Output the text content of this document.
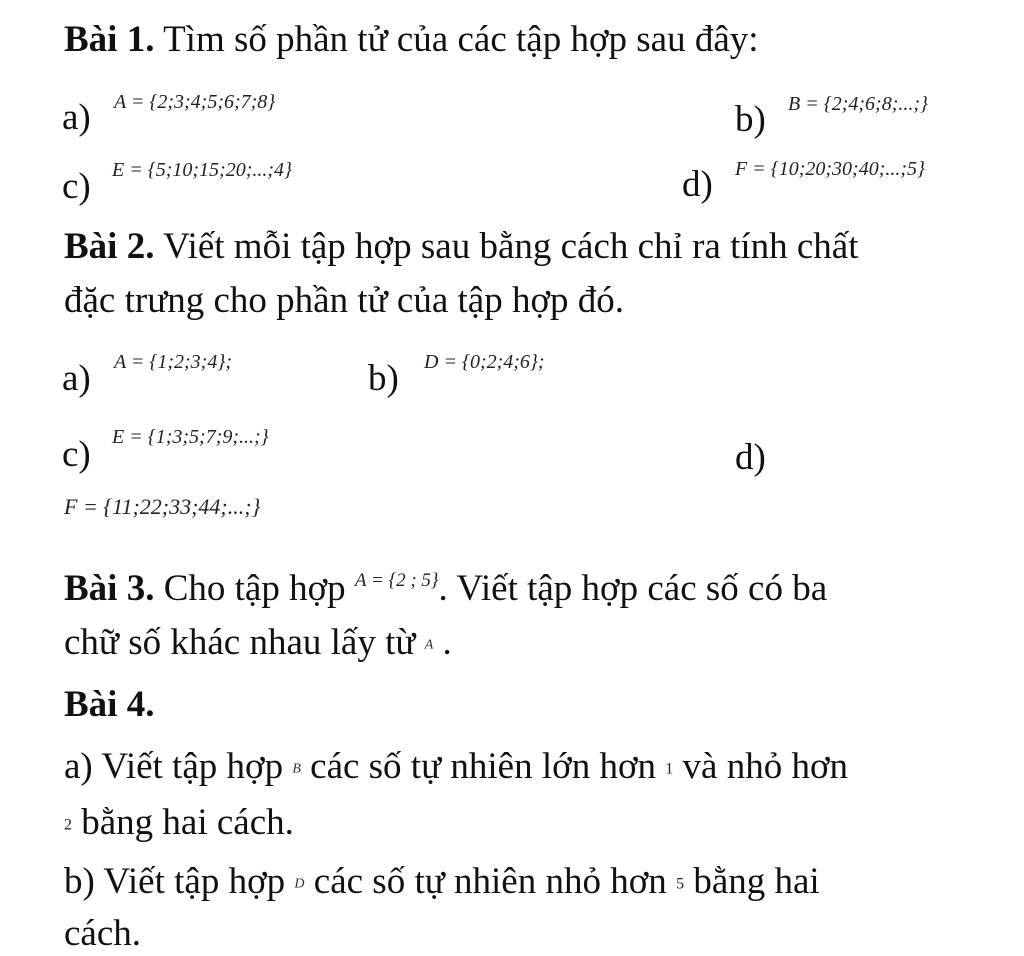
Bài 1. Tìm số phần tử của các tập hợp sau đây:
a) A = {2;3;4;5;6;7;8}	b) B = {2;4;6;8;...;}
c) E = {5;10;15;20;...;4}	d) F = {10;20;30;40;...;5}
Bài 2. Viết mỗi tập hợp sau bằng cách chỉ ra tính chất
đặc trưng cho phần tử của tập hợp đó.
a) A = {1;2;3;4};	b) D = {0;2;4;6};
c) E = {1;3;5;7;9;...;}	d)
F = {11;22;33;44;...;}
Bài 3. Cho tập hợp $^{A = \{2 ; 5\}}$. Viết tập hợp các số có ba
chữ số khác nhau lấy từ A .
Bài 4.
a) Viết tập hợp B các số tự nhiên lớn hơn 1 và nhỏ hơn
2 bằng hai cách.
b) Viết tập hợp D các số tự nhiên nhỏ hơn 5 bằng hai
cách.
